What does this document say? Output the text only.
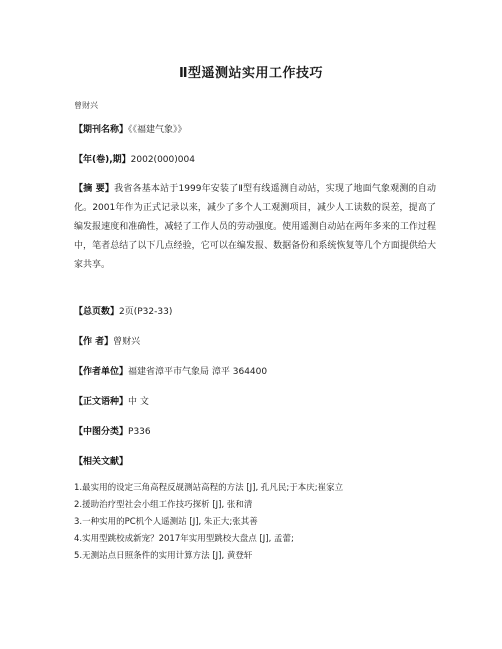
Ⅱ型遥测站实用工作技巧
曾财兴
【期刊名称】《《福建气象》》
【年(卷),期】2002(000)004
【摘 要】我省各基本站于1999年安装了Ⅱ型有线遥测自动站，实现了地面气象观测的自动化。2001年作为正式记录以来，减少了多个人工观测项目，减少人工读数的误差，提高了编发报速度和准确性，减轻了工作人员的劳动强度。使用遥测自动站在两年多来的工作过程中，笔者总结了以下几点经验，它可以在编发报、数据备份和系统恢复等几个方面提供给大家共享。
【总页数】2页(P32-33)
【作 者】曾财兴
【作者单位】福建省漳平市气象局 漳平 364400
【正文语种】中 文
【中图分类】P336
【相关文献】
1.最实用的设定三角高程反觇测站高程的方法 [J], 孔凡民;于本庆;崔家立
2.援助治疗型社会小组工作技巧探析 [J], 张和清
3.一种实用的PC机个人遥测站 [J], 朱正大;张其善
4.实用型跳校成新宠？2017年实用型跳校大盘点 [J], 孟蕾;
5.无测站点日照条件的实用计算方法 [J], 黄登轩
